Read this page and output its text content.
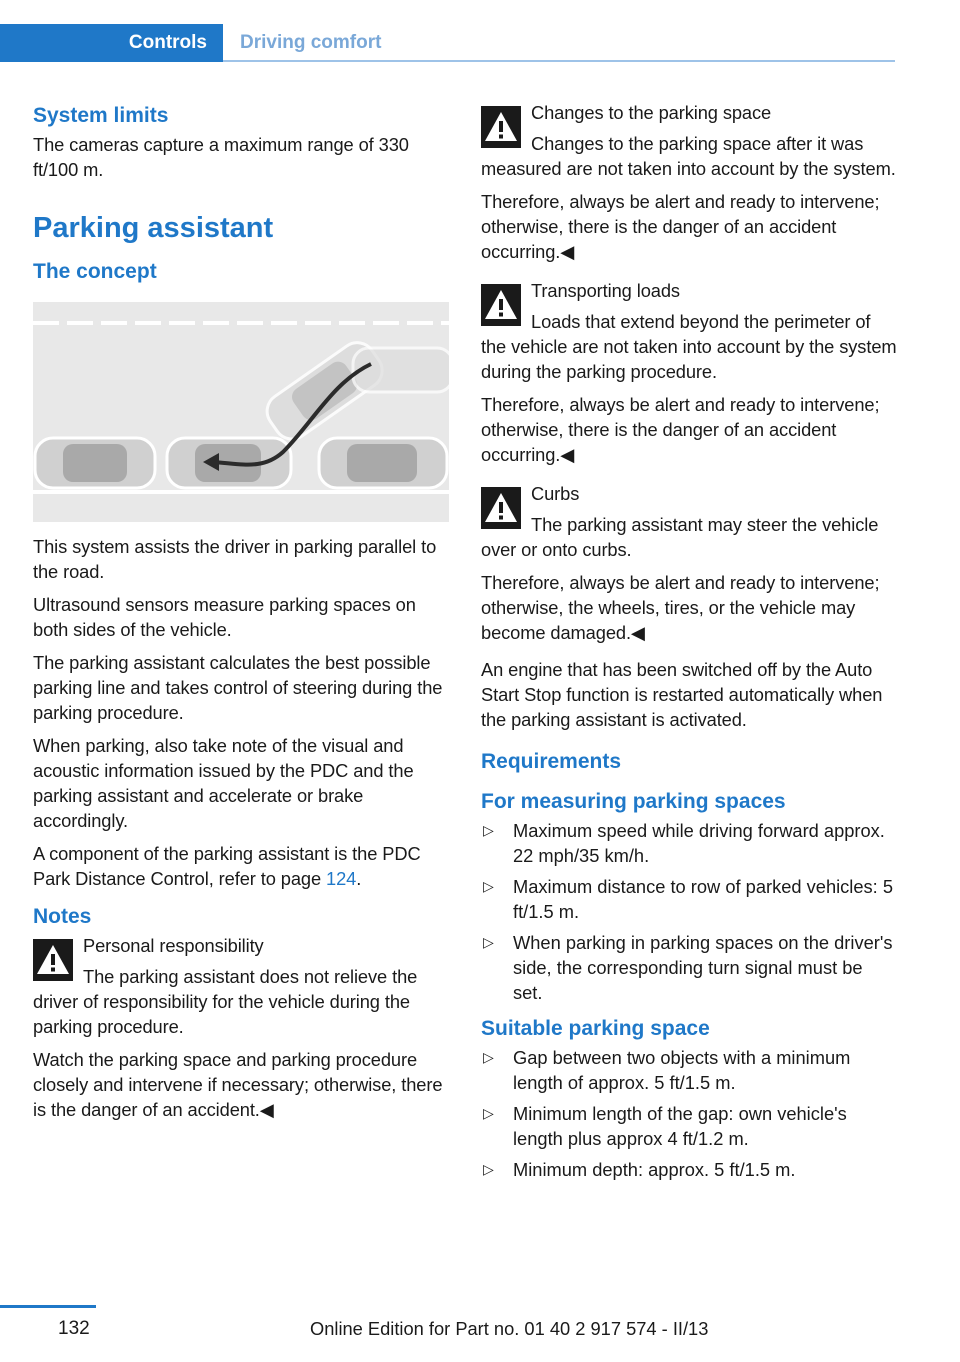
Controls	Driving comfort
System limits

The cameras capture a maximum range of 330 ft/100 m.

Parking assistant
The concept

This system assists the driver in parking parallel to the road.

Ultrasound sensors measure parking spaces on both sides of the vehicle.

The parking assistant calculates the best possible parking line and takes control of steering during the parking procedure.

When parking, also take note of the visual and acoustic information issued by the PDC and the parking assistant and accelerate or brake accordingly.

A component of the parking assistant is the PDC Park Distance Control, refer to page 124.

Notes

Personal responsibility

The parking assistant does not relieve the driver of responsibility for the vehicle during the parking procedure.

Watch the parking space and parking procedure closely and intervene if necessary; otherwise, there is the danger of an accident.◀

Changes to the parking space

Changes to the parking space after it was measured are not taken into account by the system.

Therefore, always be alert and ready to intervene; otherwise, there is the danger of an accident occurring.◀

Transporting loads

Loads that extend beyond the perimeter of the vehicle are not taken into account by the system during the parking procedure.

Therefore, always be alert and ready to intervene; otherwise, there is the danger of an accident occurring.◀

Curbs

The parking assistant may steer the vehicle over or onto curbs.

Therefore, always be alert and ready to intervene; otherwise, the wheels, tires, or the vehicle may become damaged.◀

An engine that has been switched off by the Auto Start Stop function is restarted automatically when the parking assistant is activated.

Requirements
For measuring parking spaces
▷ Maximum speed while driving forward approx. 22 mph/35 km/h.
▷ Maximum distance to row of parked vehicles: 5 ft/1.5 m.
▷ When parking in parking spaces on the driver's side, the corresponding turn signal must be set.
Suitable parking space
▷ Gap between two objects with a minimum length of approx. 5 ft/1.5 m.
▷ Minimum length of the gap: own vehicle's length plus approx 4 ft/1.2 m.
▷ Minimum depth: approx. 5 ft/1.5 m.
132	Online Edition for Part no. 01 40 2 917 574 - II/13
